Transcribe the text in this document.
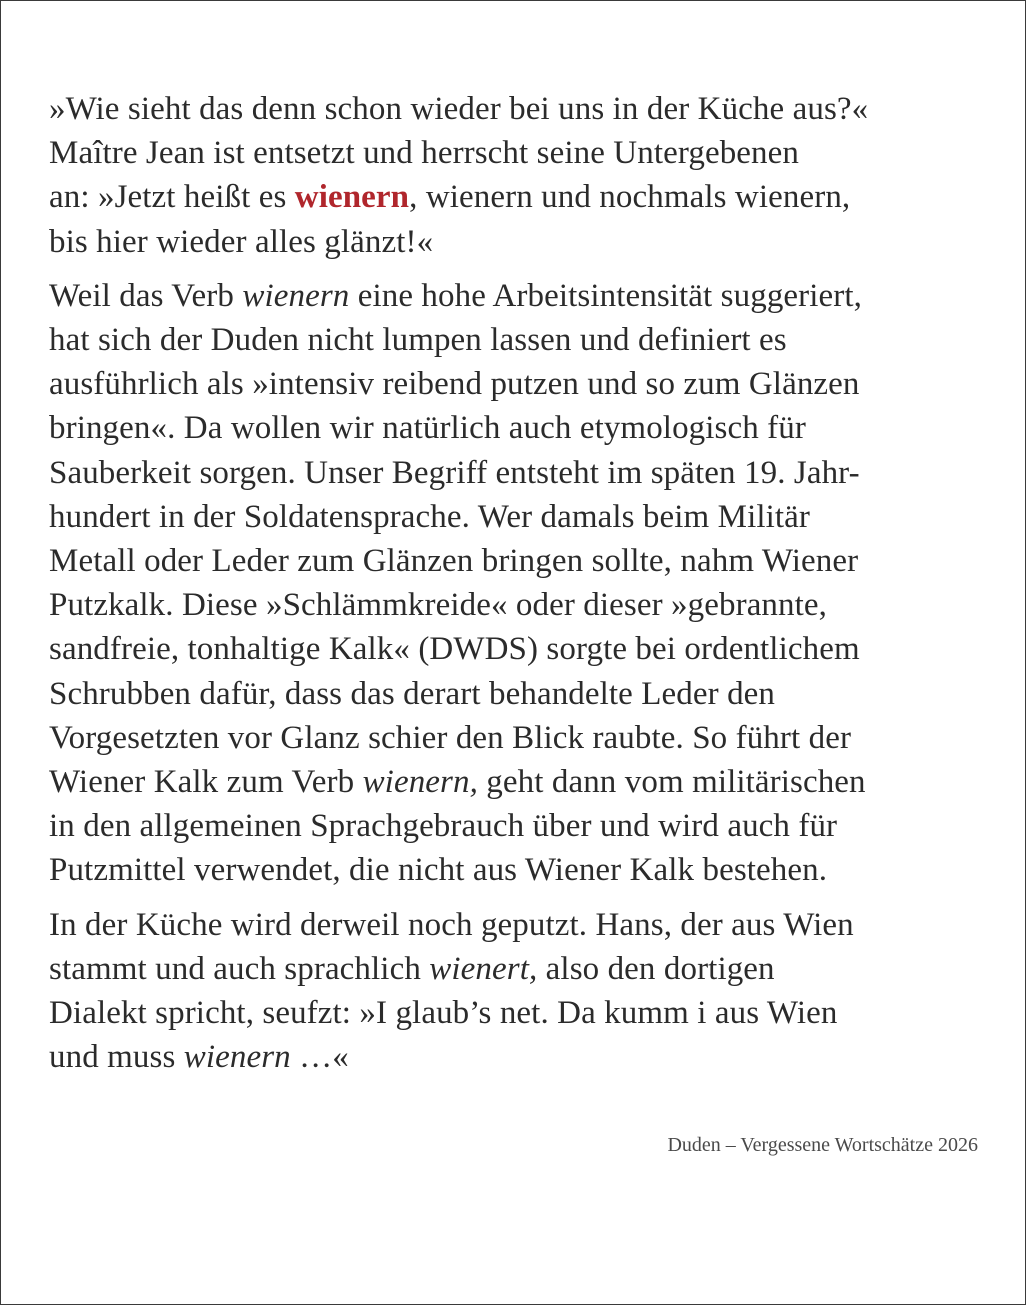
»Wie sieht das denn schon wieder bei uns in der Küche aus?«
Maître Jean ist entsetzt und herrscht seine Untergebenen
an: »Jetzt heißt es wienern, wienern und nochmals wienern,
bis hier wieder alles glänzt!«
Weil das Verb wienern eine hohe Arbeitsintensität suggeriert,
hat sich der Duden nicht lumpen lassen und definiert es
ausführlich als »intensiv reibend putzen und so zum Glänzen
bringen«. Da wollen wir natürlich auch etymologisch für
Sauberkeit sorgen. Unser Begriff entsteht im späten 19. Jahr-
hundert in der Soldatensprache. Wer damals beim Militär
Metall oder Leder zum Glänzen bringen sollte, nahm Wiener
Putzkalk. Diese »Schlämmkreide« oder dieser »gebrannte,
sandfreie, tonhaltige Kalk« (DWDS) sorgte bei ordentlichem
Schrubben dafür, dass das derart behandelte Leder den
Vorgesetzten vor Glanz schier den Blick raubte. So führt der
Wiener Kalk zum Verb wienern, geht dann vom militärischen
in den allgemeinen Sprachgebrauch über und wird auch für
Putzmittel verwendet, die nicht aus Wiener Kalk bestehen.
In der Küche wird derweil noch geputzt. Hans, der aus Wien
stammt und auch sprachlich wienert, also den dortigen
Dialekt spricht, seufzt: »I glaub’s net. Da kumm i aus Wien
und muss wienern …«
Duden – Vergessene Wortschätze 2026
